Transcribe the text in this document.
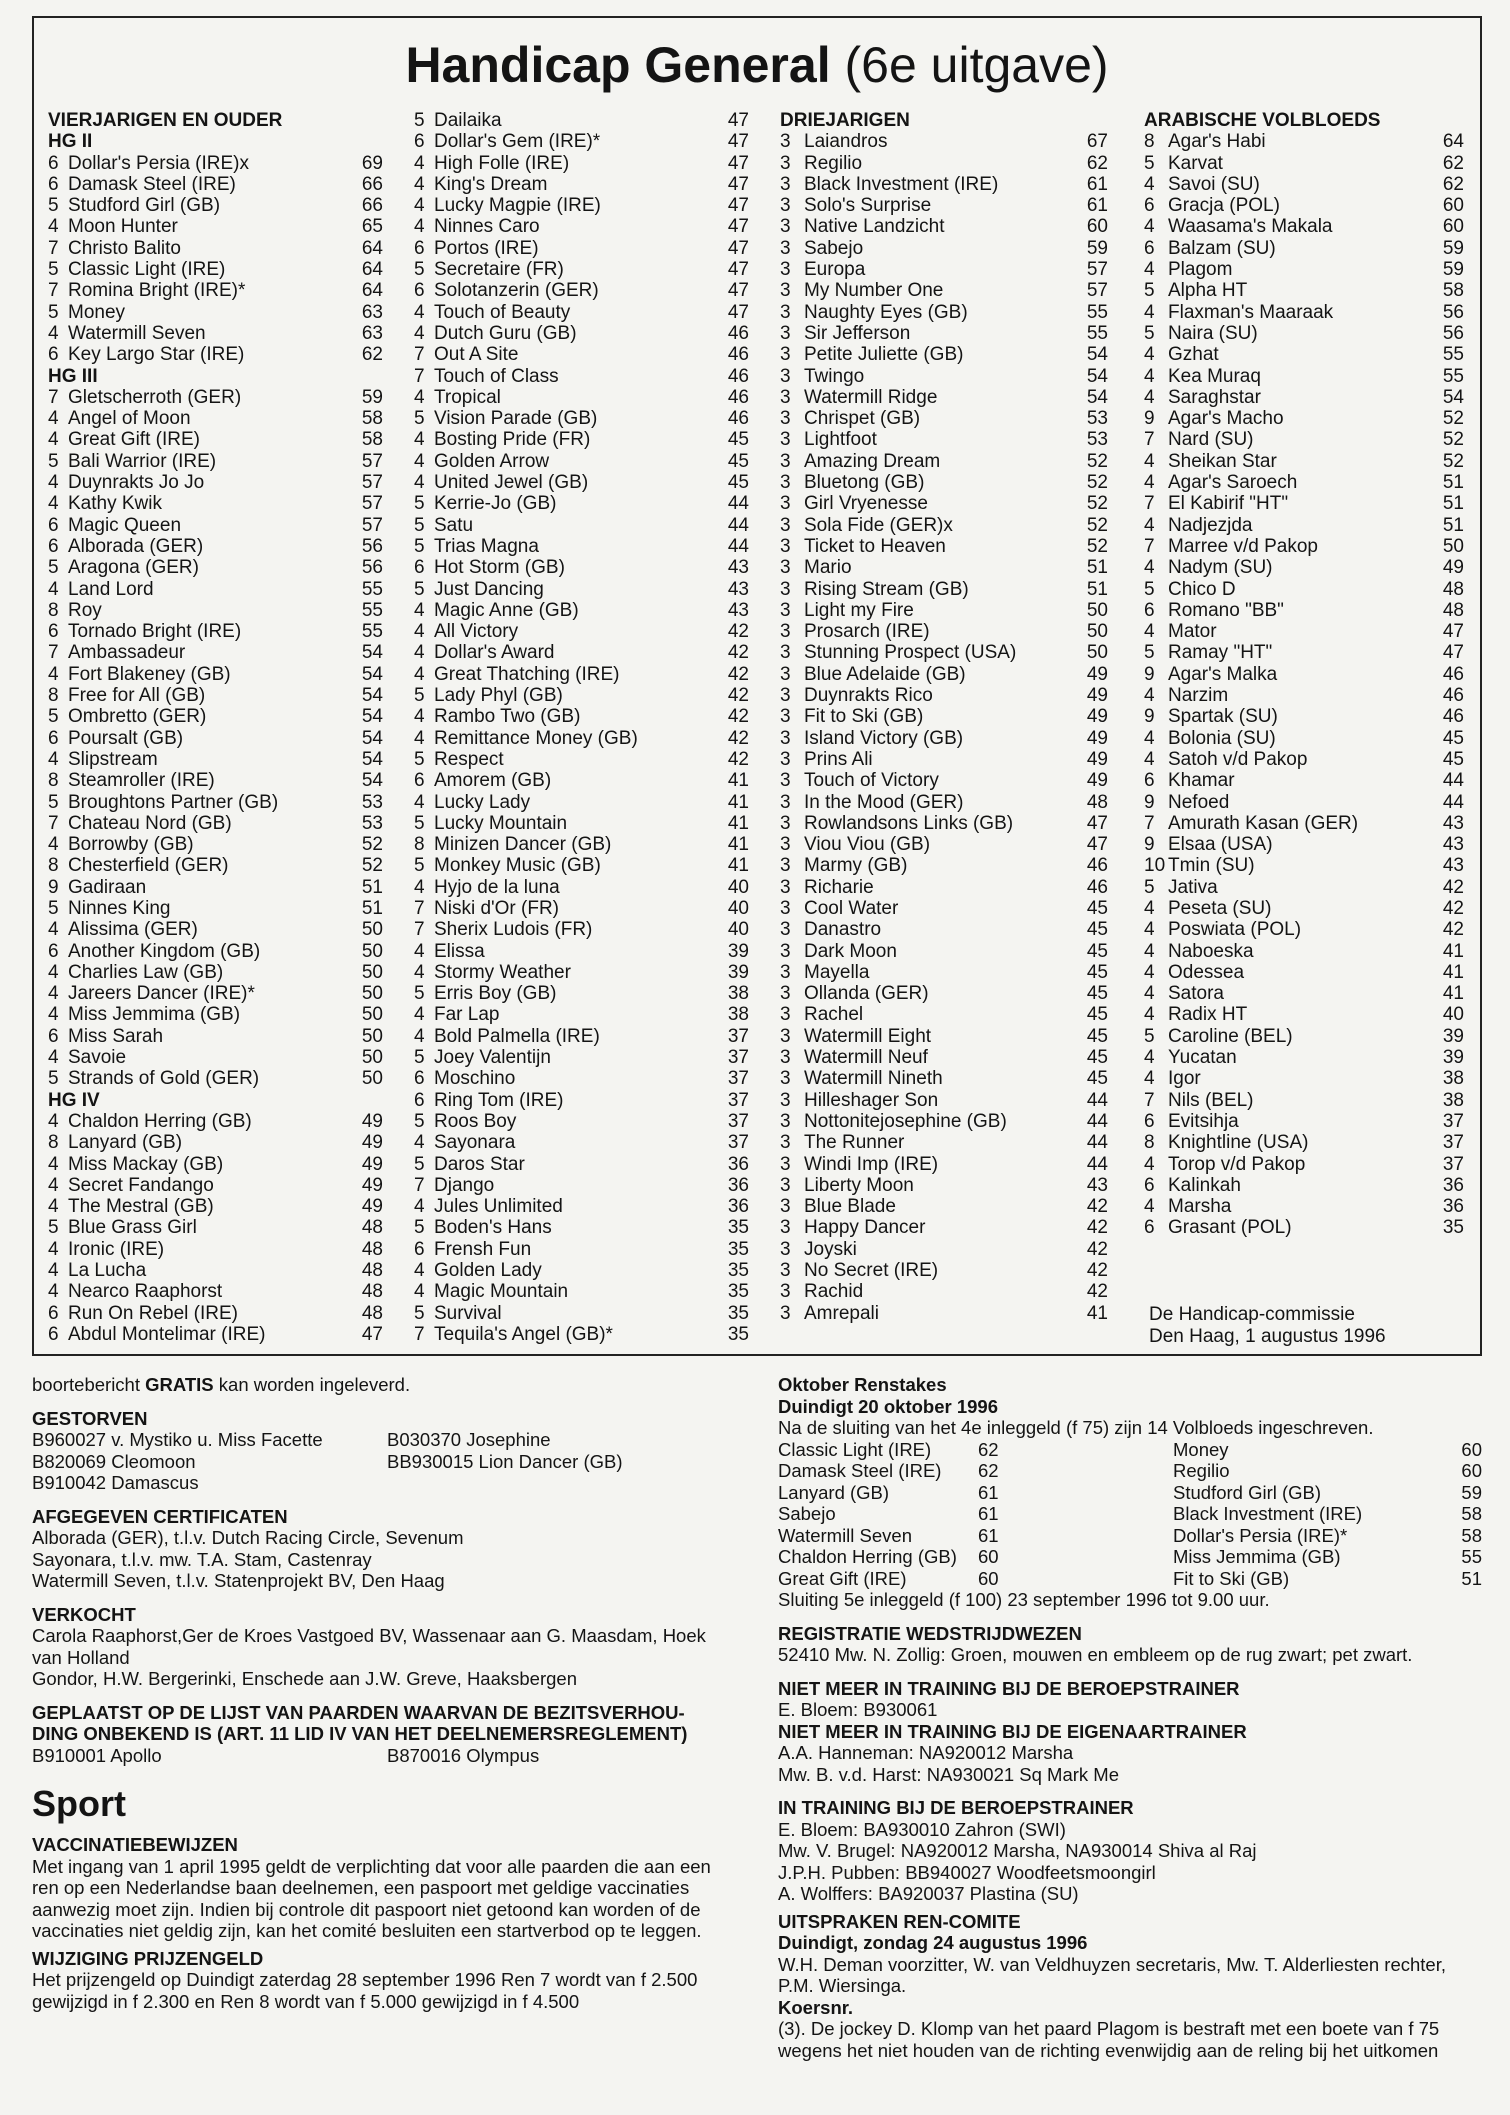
Handicap General (6e uitgave)
VIERJARIGEN EN OUDER
HG II
6 Dollar's Persia (IRE)x	69
6 Damask Steel (IRE)	66
5 Studford Girl (GB)	66
4 Moon Hunter	65
7 Christo Balito	64
5 Classic Light (IRE)	64
7 Romina Bright (IRE)*	64
5 Money	63
4 Watermill Seven	63
6 Key Largo Star (IRE)	62
HG III
7 Gletscherroth (GER)	59
4 Angel of Moon	58
4 Great Gift (IRE)	58
5 Bali Warrior (IRE)	57
4 Duynrakts Jo Jo	57
4 Kathy Kwik	57
6 Magic Queen	57
6 Alborada (GER)	56
5 Aragona (GER)	56
4 Land Lord	55
8 Roy	55
6 Tornado Bright (IRE)	55
7 Ambassadeur	54
4 Fort Blakeney (GB)	54
8 Free for All (GB)	54
5 Ombretto (GER)	54
6 Poursalt (GB)	54
4 Slipstream	54
8 Steamroller (IRE)	54
5 Broughtons Partner (GB)	53
7 Chateau Nord (GB)	53
4 Borrowby (GB)	52
8 Chesterfield (GER)	52
9 Gadiraan	51
5 Ninnes King	51
4 Alissima (GER)	50
6 Another Kingdom (GB)	50
4 Charlies Law (GB)	50
4 Jareers Dancer (IRE)*	50
4 Miss Jemmima (GB)	50
6 Miss Sarah	50
4 Savoie	50
5 Strands of Gold (GER)	50
HG IV
4 Chaldon Herring (GB)	49
8 Lanyard (GB)	49
4 Miss Mackay (GB)	49
4 Secret Fandango	49
4 The Mestral (GB)	49
5 Blue Grass Girl	48
4 Ironic (IRE)	48
4 La Lucha	48
4 Nearco Raaphorst	48
6 Run On Rebel (IRE)	48
6 Abdul Montelimar (IRE)	47
5 Dailaika	47
6 Dollar's Gem (IRE)*	47
4 High Folle (IRE)	47
4 King's Dream	47
4 Lucky Magpie (IRE)	47
4 Ninnes Caro	47
6 Portos (IRE)	47
5 Secretaire (FR)	47
6 Solotanzerin (GER)	47
4 Touch of Beauty	47
4 Dutch Guru (GB)	46
7 Out A Site	46
7 Touch of Class	46
4 Tropical	46
5 Vision Parade (GB)	46
4 Bosting Pride (FR)	45
4 Golden Arrow	45
4 United Jewel (GB)	45
5 Kerrie-Jo (GB)	44
5 Satu	44
5 Trias Magna	44
6 Hot Storm (GB)	43
5 Just Dancing	43
4 Magic Anne (GB)	43
4 All Victory	42
4 Dollar's Award	42
4 Great Thatching (IRE)	42
5 Lady Phyl (GB)	42
4 Rambo Two (GB)	42
4 Remittance Money (GB)	42
5 Respect	42
6 Amorem (GB)	41
4 Lucky Lady	41
5 Lucky Mountain	41
8 Minizen Dancer (GB)	41
5 Monkey Music (GB)	41
4 Hyjo de la luna	40
7 Niski d'Or (FR)	40
7 Sherix Ludois (FR)	40
4 Elissa	39
4 Stormy Weather	39
5 Erris Boy (GB)	38
4 Far Lap	38
4 Bold Palmella (IRE)	37
5 Joey Valentijn	37
6 Moschino	37
6 Ring Tom (IRE)	37
5 Roos Boy	37
4 Sayonara	37
5 Daros Star	36
7 Django	36
4 Jules Unlimited	36
5 Boden's Hans	35
6 Frensh Fun	35
4 Golden Lady	35
4 Magic Mountain	35
5 Survival	35
7 Tequila's Angel (GB)*	35
DRIEJARIGEN
3 Laiandros	67
3 Regilio	62
3 Black Investment (IRE)	61
3 Solo's Surprise	61
3 Native Landzicht	60
3 Sabejo	59
3 Europa	57
3 My Number One	57
3 Naughty Eyes (GB)	55
3 Sir Jefferson	55
3 Petite Juliette (GB)	54
3 Twingo	54
3 Watermill Ridge	54
3 Chrispet (GB)	53
3 Lightfoot	53
3 Amazing Dream	52
3 Bluetong (GB)	52
3 Girl Vryenesse	52
3 Sola Fide (GER)x	52
3 Ticket to Heaven	52
3 Mario	51
3 Rising Stream (GB)	51
3 Light my Fire	50
3 Prosarch (IRE)	50
3 Stunning Prospect (USA)	50
3 Blue Adelaide (GB)	49
3 Duynrakts Rico	49
3 Fit to Ski (GB)	49
3 Island Victory (GB)	49
3 Prins Ali	49
3 Touch of Victory	49
3 In the Mood (GER)	48
3 Rowlandsons Links (GB)	47
3 Viou Viou (GB)	47
3 Marmy (GB)	46
3 Richarie	46
3 Cool Water	45
3 Danastro	45
3 Dark Moon	45
3 Mayella	45
3 Ollanda (GER)	45
3 Rachel	45
3 Watermill Eight	45
3 Watermill Neuf	45
3 Watermill Nineth	45
3 Hilleshager Son	44
3 Nottonitejosephine (GB)	44
3 The Runner	44
3 Windi Imp (IRE)	44
3 Liberty Moon	43
3 Blue Blade	42
3 Happy Dancer	42
3 Joyski	42
3 No Secret (IRE)	42
3 Rachid	42
3 Amrepali	41
ARABISCHE VOLBLOEDS
8 Agar's Habi	64
5 Karvat	62
4 Savoi (SU)	62
6 Gracja (POL)	60
4 Waasama's Makala	60
6 Balzam (SU)	59
4 Plagom	59
5 Alpha HT	58
4 Flaxman's Maaraak	56
5 Naira (SU)	56
4 Gzhat	55
4 Kea Muraq	55
4 Saraghstar	54
9 Agar's Macho	52
7 Nard (SU)	52
4 Sheikan Star	52
4 Agar's Saroech	51
7 El Kabirif "HT"	51
4 Nadjezjda	51
7 Marree v/d Pakop	50
4 Nadym (SU)	49
5 Chico D	48
6 Romano "BB"	48
4 Mator	47
5 Ramay "HT"	47
9 Agar's Malka	46
4 Narzim	46
9 Spartak (SU)	46
4 Bolonia (SU)	45
4 Satoh v/d Pakop	45
6 Khamar	44
9 Nefoed	44
7 Amurath Kasan (GER)	43
9 Elsaa (USA)	43
10 Tmin (SU)	43
5 Jativa	42
4 Peseta (SU)	42
4 Poswiata (POL)	42
4 Naboeska	41
4 Odessea	41
4 Satora	41
4 Radix HT	40
5 Caroline (BEL)	39
4 Yucatan	39
4 Igor	38
7 Nils (BEL)	38
6 Evitsihja	37
8 Knightline (USA)	37
4 Torop v/d Pakop	37
6 Kalinkah	36
4 Marsha	36
6 Grasant (POL)	35
De Handicap-commissie
Den Haag, 1 augustus 1996
boortebericht GRATIS kan worden ingeleverd.
GESTORVEN
B960027 v. Mystiko u. Miss Facette	B030370 Josephine
B820069 Cleomoon	BB930015 Lion Dancer (GB)
B910042 Damascus
AFGEGEVEN CERTIFICATEN
Alborada (GER), t.l.v. Dutch Racing Circle, Sevenum
Sayonara, t.l.v. mw. T.A. Stam, Castenray
Watermill Seven, t.l.v. Statenprojekt BV, Den Haag
VERKOCHT
Carola Raaphorst,Ger de Kroes Vastgoed BV, Wassenaar aan G. Maasdam, Hoek
van Holland
Gondor, H.W. Bergerinki, Enschede aan J.W. Greve, Haaksbergen
GEPLAATST OP DE LIJST VAN PAARDEN WAARVAN DE BEZITSVERHOU-
DING ONBEKEND IS (ART. 11 LID IV VAN HET DEELNEMERSREGLEMENT)
B910001 Apollo	B870016 Olympus
Sport
VACCINATIEBEWIJZEN
Met ingang van 1 april 1995 geldt de verplichting dat voor alle paarden die aan een
ren op een Nederlandse baan deelnemen, een paspoort met geldige vaccinaties
aanwezig moet zijn. Indien bij controle dit paspoort niet getoond kan worden of de
vaccinaties niet geldig zijn, kan het comité besluiten een startverbod op te leggen.
WIJZIGING PRIJZENGELD
Het prijzengeld op Duindigt zaterdag 28 september 1996 Ren 7 wordt van f 2.500
gewijzigd in f 2.300 en Ren 8 wordt van f 5.000 gewijzigd in f 4.500
Oktober Renstakes
Duindigt 20 oktober 1996
Na de sluiting van het 4e inleggeld (f 75) zijn 14 Volbloeds ingeschreven.
Classic Light (IRE)	62	Money	60
Damask Steel (IRE) 62	Regilio	60
Lanyard (GB)	61	Studford Girl (GB)	59
Sabejo	61	Black Investment (IRE)	58
Watermill Seven	61	Dollar's Persia (IRE)*	58
Chaldon Herring (GB) 60	Miss Jemmima (GB)	55
Great Gift (IRE)	60	Fit to Ski (GB)	51
Sluiting 5e inleggeld (f 100) 23 september 1996 tot 9.00 uur.
REGISTRATIE WEDSTRIJDWEZEN
52410 Mw. N. Zollig: Groen, mouwen en embleem op de rug zwart; pet zwart.
NIET MEER IN TRAINING BIJ DE BEROEPSTRAINER
E. Bloem: B930061
NIET MEER IN TRAINING BIJ DE EIGENAARTRAINER
A.A. Hanneman: NA920012 Marsha
Mw. B. v.d. Harst: NA930021 Sq Mark Me
IN TRAINING BIJ DE BEROEPSTRAINER
E. Bloem: BA930010 Zahron (SWI)
Mw. V. Brugel: NA920012 Marsha, NA930014 Shiva al Raj
J.P.H. Pubben: BB940027 Woodfeetsmoongirl
A. Wolffers: BA920037 Plastina (SU)
UITSPRAKEN REN-COMITE
Duindigt, zondag 24 augustus 1996
W.H. Deman voorzitter, W. van Veldhuyzen secretaris, Mw. T. Alderliesten rechter,
P.M. Wiersinga.
Koersnr.
(3). De jockey D. Klomp van het paard Plagom is bestraft met een boete van f 75
wegens het niet houden van de richting evenwijdig aan de reling bij het uitkomen
